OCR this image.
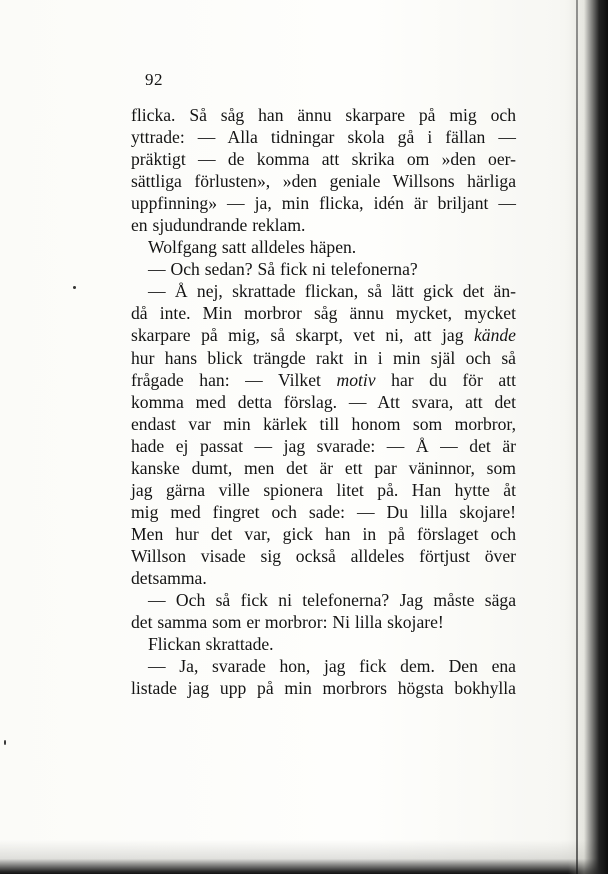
92
flicka. Så såg han ännu skarpare på mig och
yttrade: — Alla tidningar skola gå i fällan —
präktigt — de komma att skrika om »den oer-
sättliga förlusten», »den geniale Willsons härliga
uppfinning» — ja, min flicka, idén är briljant —
en sjudundrande reklam.
Wolfgang satt alldeles häpen.
— Och sedan? Så fick ni telefonerna?
— Å nej, skrattade flickan, så lätt gick det än-
då inte. Min morbror såg ännu mycket, mycket
skarpare på mig, så skarpt, vet ni, att jag kände
hur hans blick trängde rakt in i min själ och så
frågade han: — Vilket motiv har du för att
komma med detta förslag. — Att svara, att det
endast var min kärlek till honom som morbror,
hade ej passat — jag svarade: — Å — det är
kanske dumt, men det är ett par väninnor, som
jag gärna ville spionera litet på. Han hytte åt
mig med fingret och sade: — Du lilla skojare!
Men hur det var, gick han in på förslaget och
Willson visade sig också alldeles förtjust över
detsamma.
— Och så fick ni telefonerna? Jag måste säga
det samma som er morbror: Ni lilla skojare!
Flickan skrattade.
— Ja, svarade hon, jag fick dem. Den ena
listade jag upp på min morbrors högsta bokhylla
